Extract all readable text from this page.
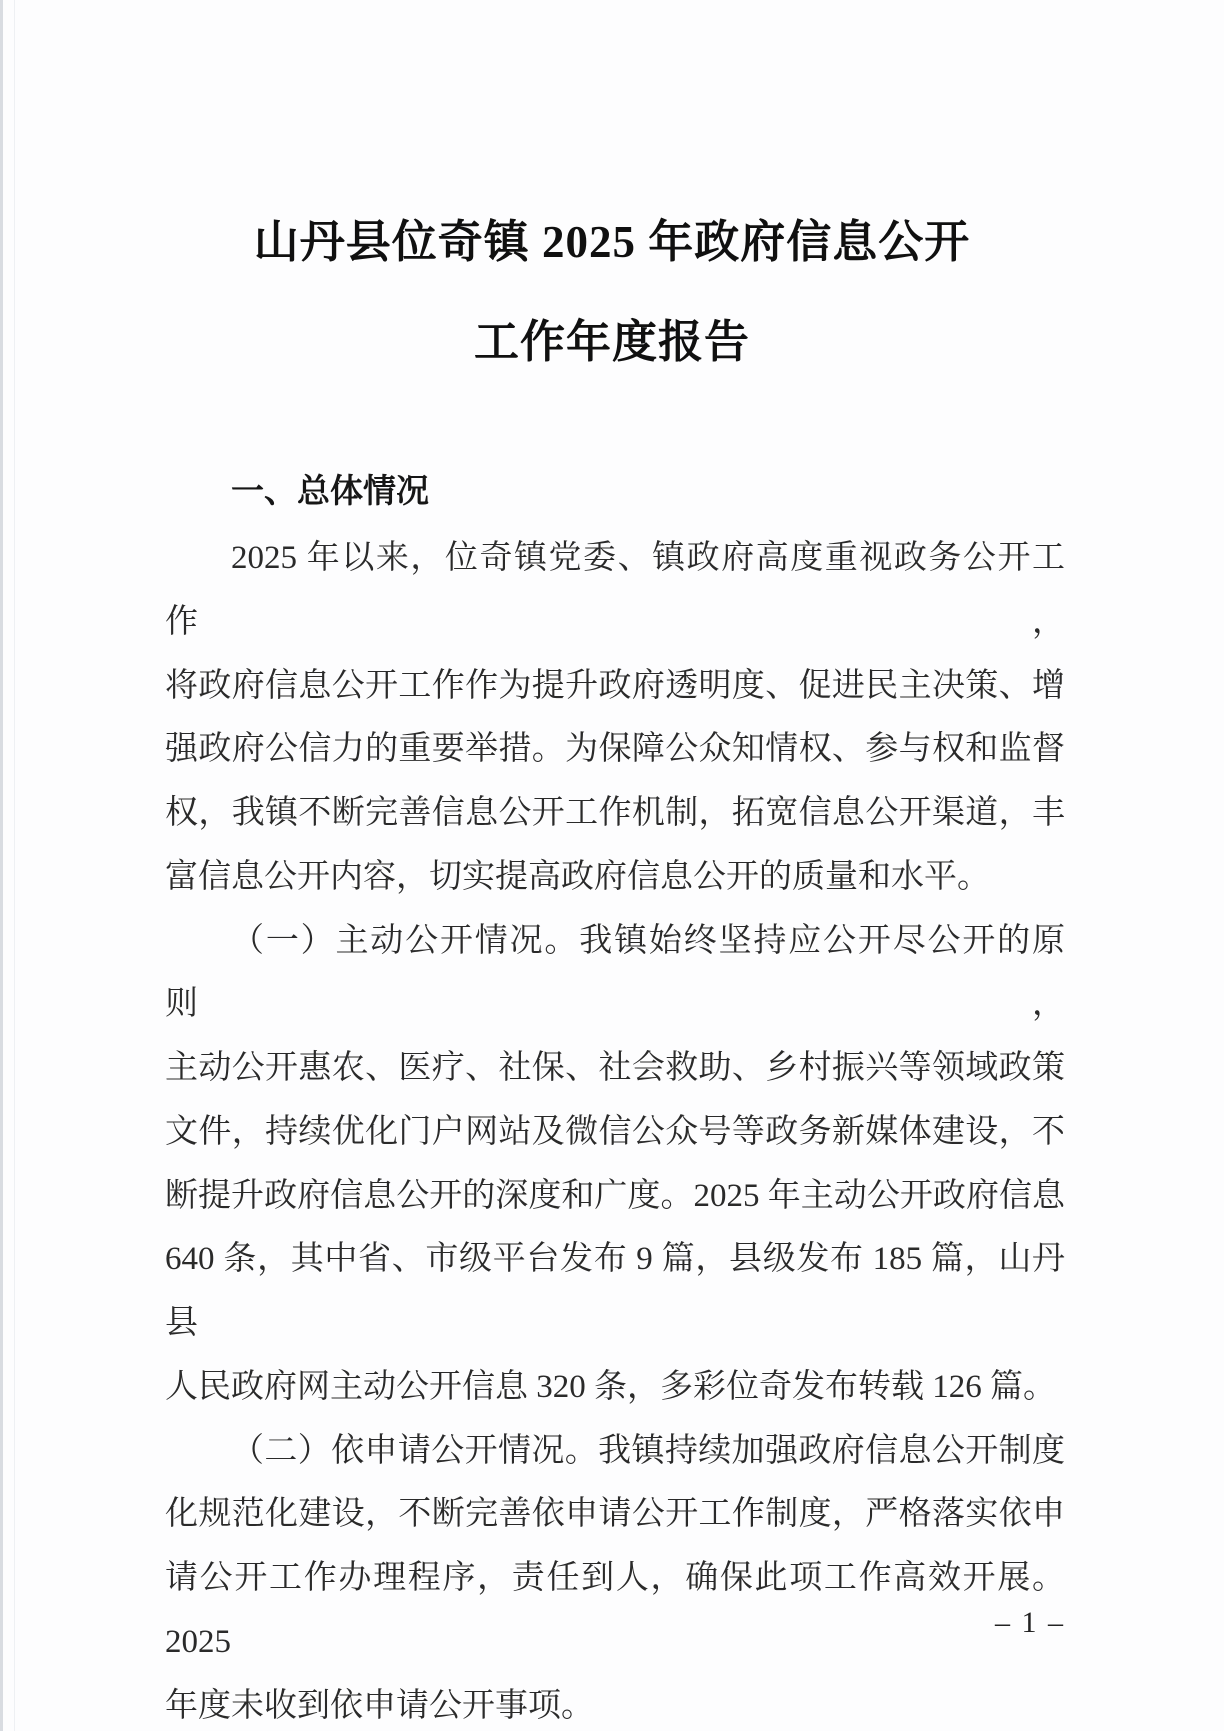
山丹县位奇镇 2025 年政府信息公开
工作年度报告
一、总体情况
2025 年以来，位奇镇党委、镇政府高度重视政务公开工作，
将政府信息公开工作作为提升政府透明度、促进民主决策、增
强政府公信力的重要举措。为保障公众知情权、参与权和监督
权，我镇不断完善信息公开工作机制，拓宽信息公开渠道，丰
富信息公开内容，切实提高政府信息公开的质量和水平。
（一）主动公开情况。我镇始终坚持应公开尽公开的原则，
主动公开惠农、医疗、社保、社会救助、乡村振兴等领域政策
文件，持续优化门户网站及微信公众号等政务新媒体建设，不
断提升政府信息公开的深度和广度。2025 年主动公开政府信息
640 条，其中省、市级平台发布 9 篇，县级发布 185 篇，山丹县
人民政府网主动公开信息 320 条，多彩位奇发布转载 126 篇。
（二）依申请公开情况。我镇持续加强政府信息公开制度
化规范化建设，不断完善依申请公开工作制度，严格落实依申
请公开工作办理程序，责任到人，确保此项工作高效开展。2025
年度未收到依申请公开事项。
– 1 –
